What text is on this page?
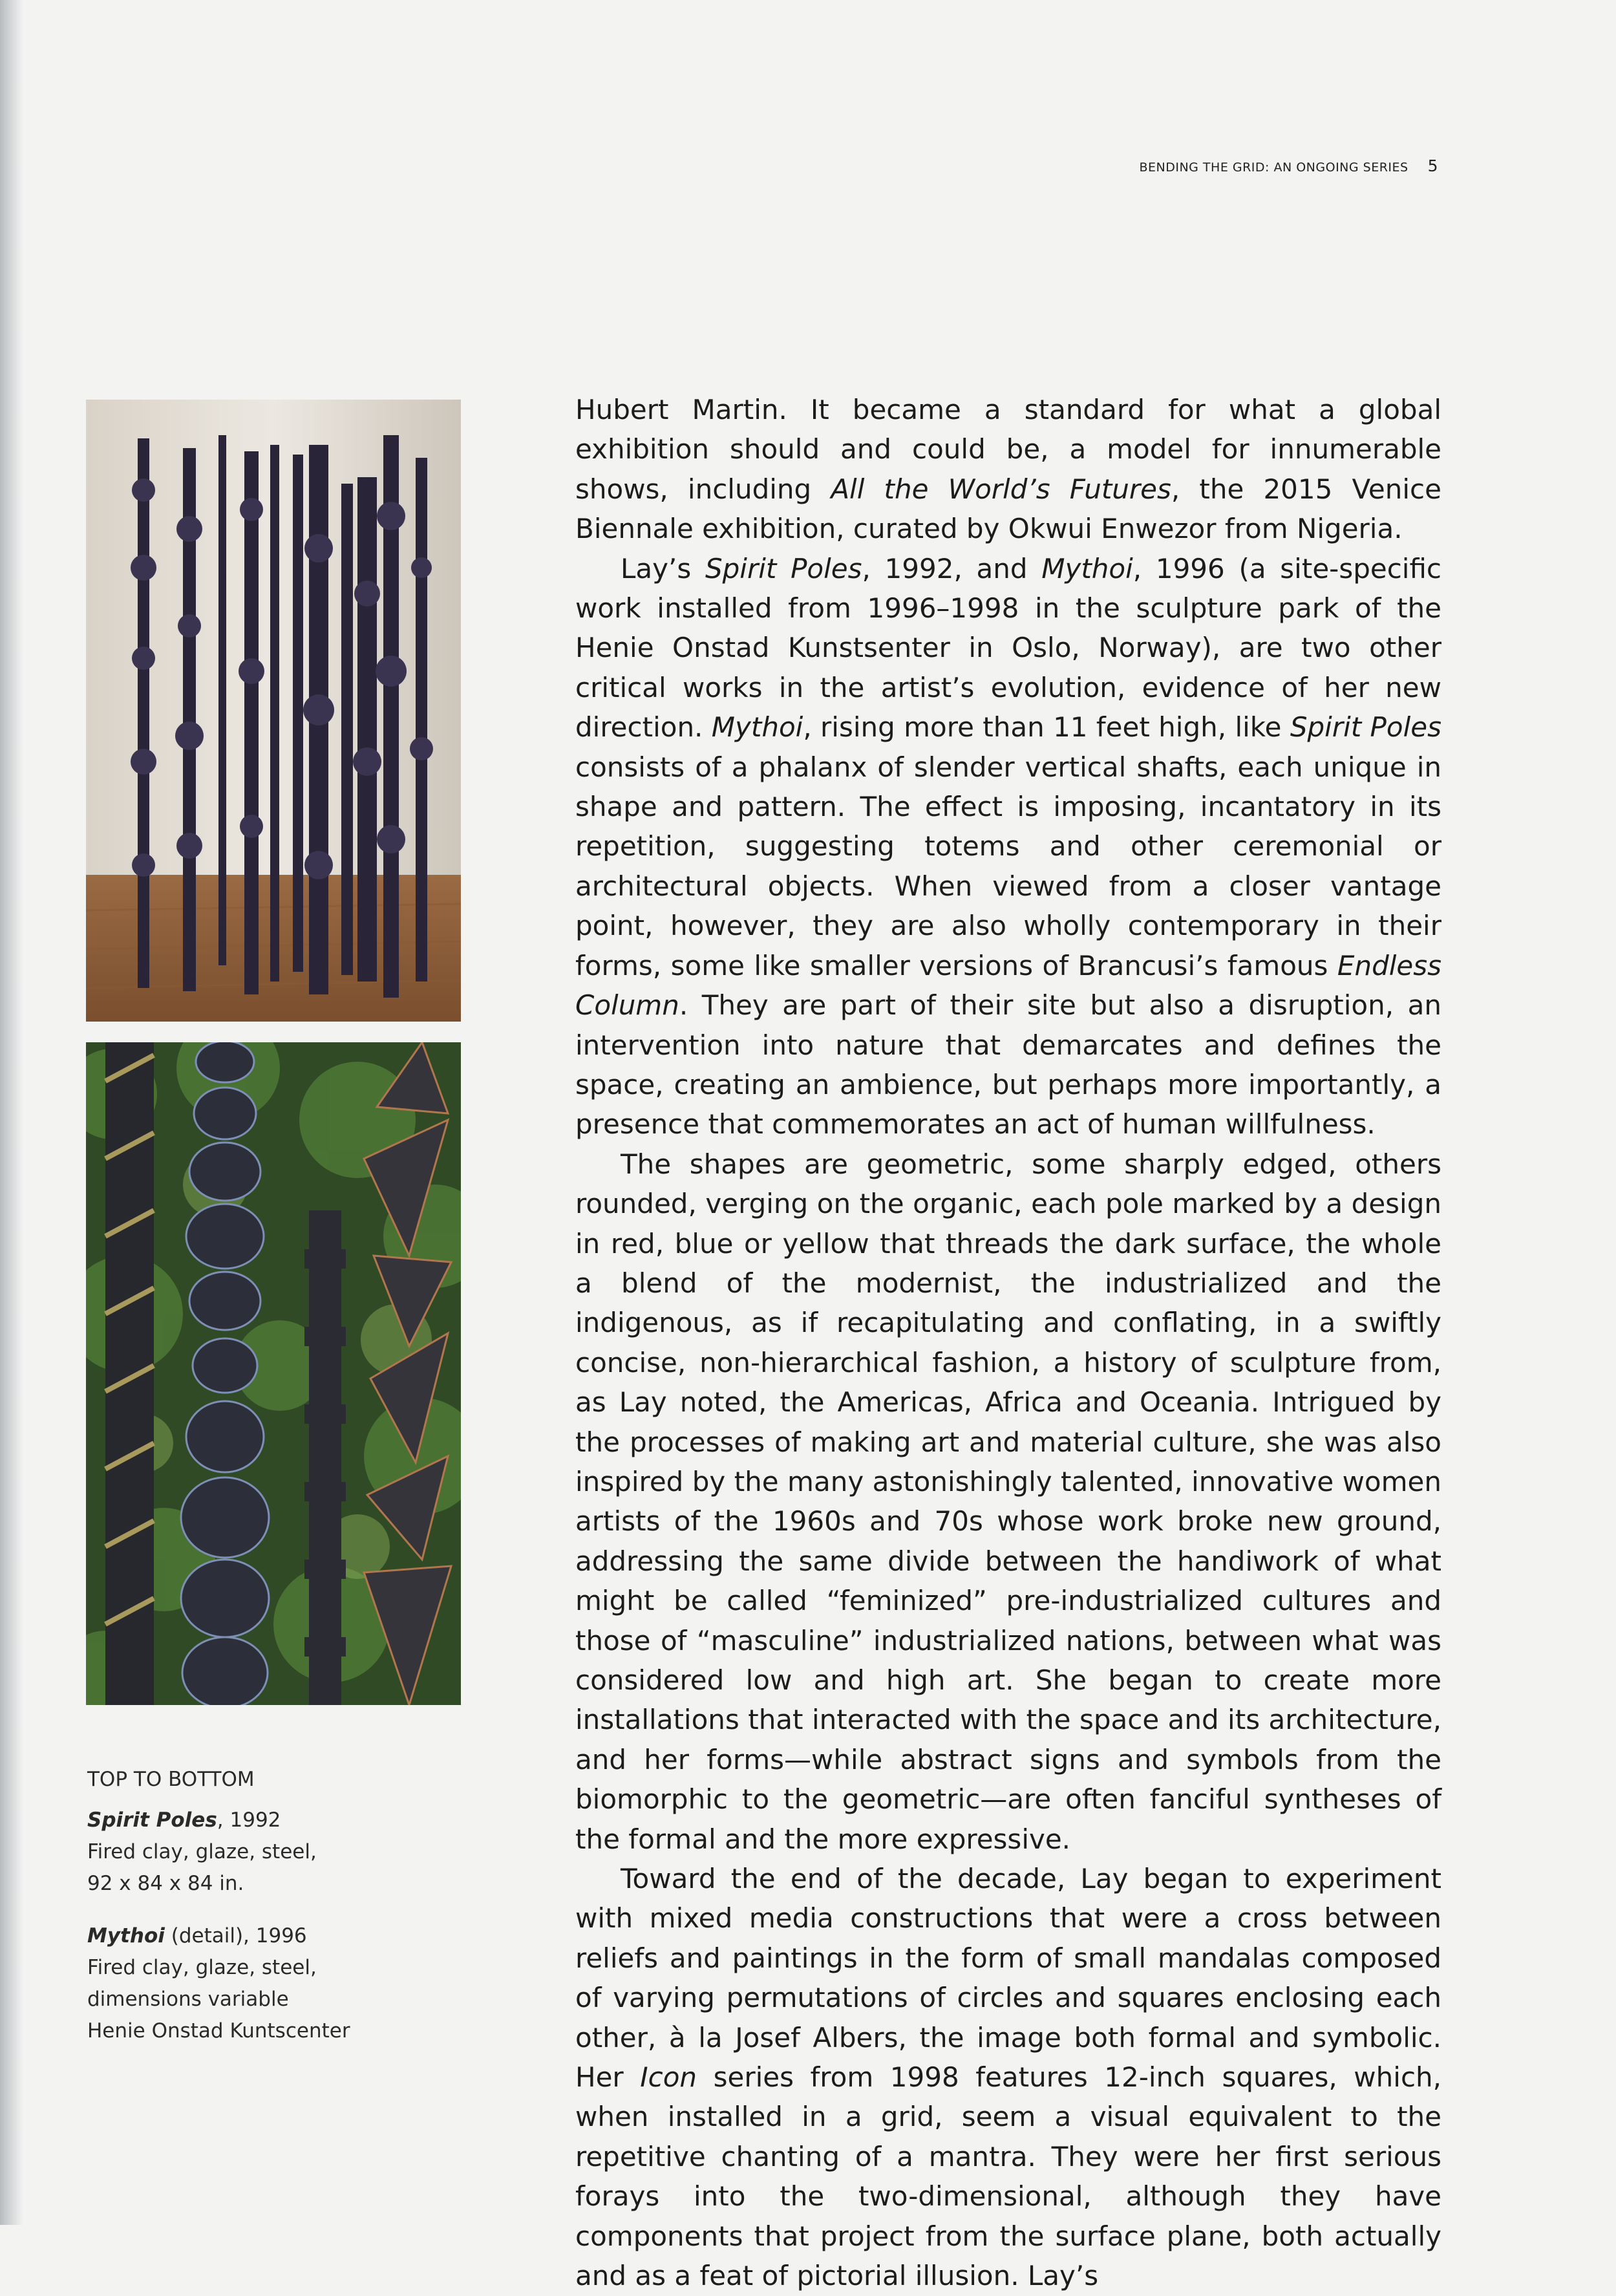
BENDING THE GRID: AN ONGOING SERIES 5
TOP TO BOTTOM
Spirit Poles, 1992
Fired clay, glaze, steel,
92 x 84 x 84 in.
Mythoi (detail), 1996
Fired clay, glaze, steel,
dimensions variable
Henie Onstad Kuntscenter

Hubert Martin. It became a standard for what a global exhibition should and could be, a model for innumerable shows, including All the World’s Futures, the 2015 Venice Biennale exhibition, curated by Okwui Enwezor from Nigeria.

Lay’s Spirit Poles, 1992, and Mythoi, 1996 (a site-specific work installed from 1996–1998 in the sculpture park of the Henie Onstad Kunstsenter in Oslo, Norway), are two other critical works in the artist’s evolution, evidence of her new direction. Mythoi, rising more than 11 feet high, like Spirit Poles consists of a phalanx of slender vertical shafts, each unique in shape and pattern. The effect is imposing, incantatory in its repetition, suggesting totems and other ceremonial or architectural objects. When viewed from a closer vantage point, however, they are also wholly contemporary in their forms, some like smaller versions of Brancusi’s famous Endless Column. They are part of their site but also a disruption, an intervention into nature that demarcates and defines the space, creating an ambience, but perhaps more importantly, a presence that commemorates an act of human willfulness.

The shapes are geometric, some sharply edged, others rounded, verging on the organic, each pole marked by a design in red, blue or yellow that threads the dark surface, the whole a blend of the modernist, the industrialized and the indigenous, as if recapitulating and conflating, in a swiftly concise, non-hierarchical fashion, a history of sculpture from, as Lay noted, the Americas, Africa and Oceania. Intrigued by the processes of making art and material culture, she was also inspired by the many astonishingly talented, innovative women artists of the 1960s and 70s whose work broke new ground, addressing the same divide between the handiwork of what might be called “feminized” pre-industrialized cultures and those of “masculine” industrialized nations, between what was considered low and high art. She began to create more installations that interacted with the space and its architecture, and her forms—while abstract signs and symbols from the biomorphic to the geometric—are often fanciful syntheses of the formal and the more expressive.

Toward the end of the decade, Lay began to experiment with mixed media constructions that were a cross between reliefs and paintings in the form of small mandalas composed of varying permutations of circles and squares enclosing each other, à la Josef Albers, the image both formal and symbolic. Her Icon series from 1998 features 12-inch squares, which, when installed in a grid, seem a visual equivalent to the repetitive chanting of a mantra. They were her first serious forays into the two-dimensional, although they have components that project from the surface plane, both actually and as a feat of pictorial illusion. Lay’s
